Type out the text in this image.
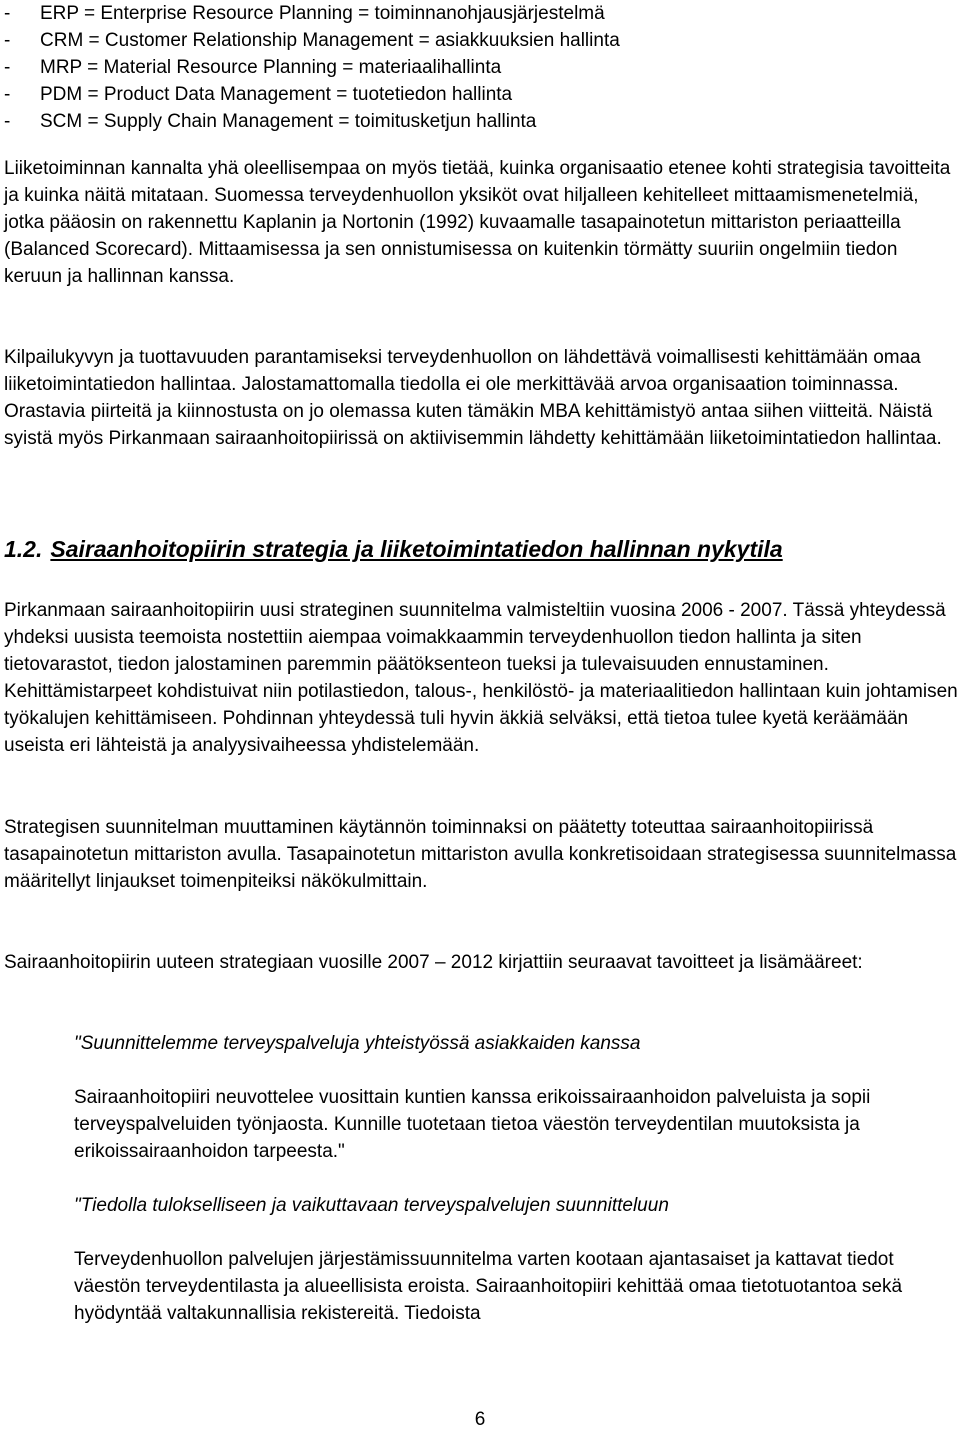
- ERP = Enterprise Resource Planning = toiminnanohjausjärjestelmä
- CRM = Customer Relationship Management = asiakkuuksien hallinta
- MRP = Material Resource Planning = materiaalihallinta
- PDM = Product Data Management = tuotetiedon hallinta
- SCM = Supply Chain Management = toimitusketjun hallinta

Liiketoiminnan kannalta yhä oleellisempaa on myös tietää, kuinka organisaatio etenee kohti strategisia tavoitteita ja kuinka näitä mitataan. Suomessa terveydenhuollon yksiköt ovat hiljalleen kehitelleet mittaamismenetelmiä, jotka pääosin on rakennettu Kaplanin ja Nortonin (1992) kuvaamalle tasapainotetun mittariston periaatteilla (Balanced Scorecard). Mittaamisessa ja sen onnistumisessa on kuitenkin törmätty suuriin ongelmiin tiedon keruun ja hallinnan kanssa.

Kilpailukyvyn ja tuottavuuden parantamiseksi terveydenhuollon on lähdettävä voimallisesti kehittämään omaa liiketoimintatiedon hallintaa. Jalostamattomalla tiedolla ei ole merkittävää arvoa organisaation toiminnassa. Orastavia piirteitä ja kiinnostusta on jo olemassa kuten tämäkin MBA kehittämistyö antaa siihen viitteitä. Näistä syistä myös Pirkanmaan sairaanhoitopiirissä on aktiivisemmin lähdetty kehittämään liiketoimintatiedon hallintaa.

1.2. Sairaanhoitopiirin strategia ja liiketoimintatiedon hallinnan nykytila

Pirkanmaan sairaanhoitopiirin uusi strateginen suunnitelma valmisteltiin vuosina 2006 - 2007. Tässä yhteydessä yhdeksi uusista teemoista nostettiin aiempaa voimakkaammin terveydenhuollon tiedon hallinta ja siten tietovarastot, tiedon jalostaminen paremmin päätöksenteon tueksi ja tulevaisuuden ennustaminen. Kehittämistarpeet kohdistuivat niin potilastiedon, talous-, henkilöstö- ja materiaalitiedon hallintaan kuin johtamisen työkalujen kehittämiseen. Pohdinnan yhteydessä tuli hyvin äkkiä selväksi, että tietoa tulee kyetä keräämään useista eri lähteistä ja analyysivaiheessa yhdistelemään.

Strategisen suunnitelman muuttaminen käytännön toiminnaksi on päätetty toteuttaa sairaanhoitopiirissä tasapainotetun mittariston avulla. Tasapainotetun mittariston avulla konkretisoidaan strategisessa suunnitelmassa määritellyt linjaukset toimenpiteiksi näkökulmittain.

Sairaanhoitopiirin uuteen strategiaan vuosille 2007 – 2012 kirjattiin seuraavat tavoitteet ja lisämääreet:

"Suunnittelemme terveyspalveluja yhteistyössä asiakkaiden kanssa

Sairaanhoitopiiri neuvottelee vuosittain kuntien kanssa erikoissairaanhoidon palveluista ja sopii terveyspalveluiden työnjaosta. Kunnille tuotetaan tietoa väestön terveydentilan muutoksista ja erikoissairaanhoidon tarpeesta."

"Tiedolla tulokselliseen ja vaikuttavaan terveyspalvelujen suunnitteluun

Terveydenhuollon palvelujen järjestämissuunnitelma varten kootaan ajantasaiset ja kattavat tiedot väestön terveydentilasta ja alueellisista eroista. Sairaanhoitopiiri kehittää omaa tietotuotantoa sekä hyödyntää valtakunnallisia rekistereitä. Tiedoista

6
